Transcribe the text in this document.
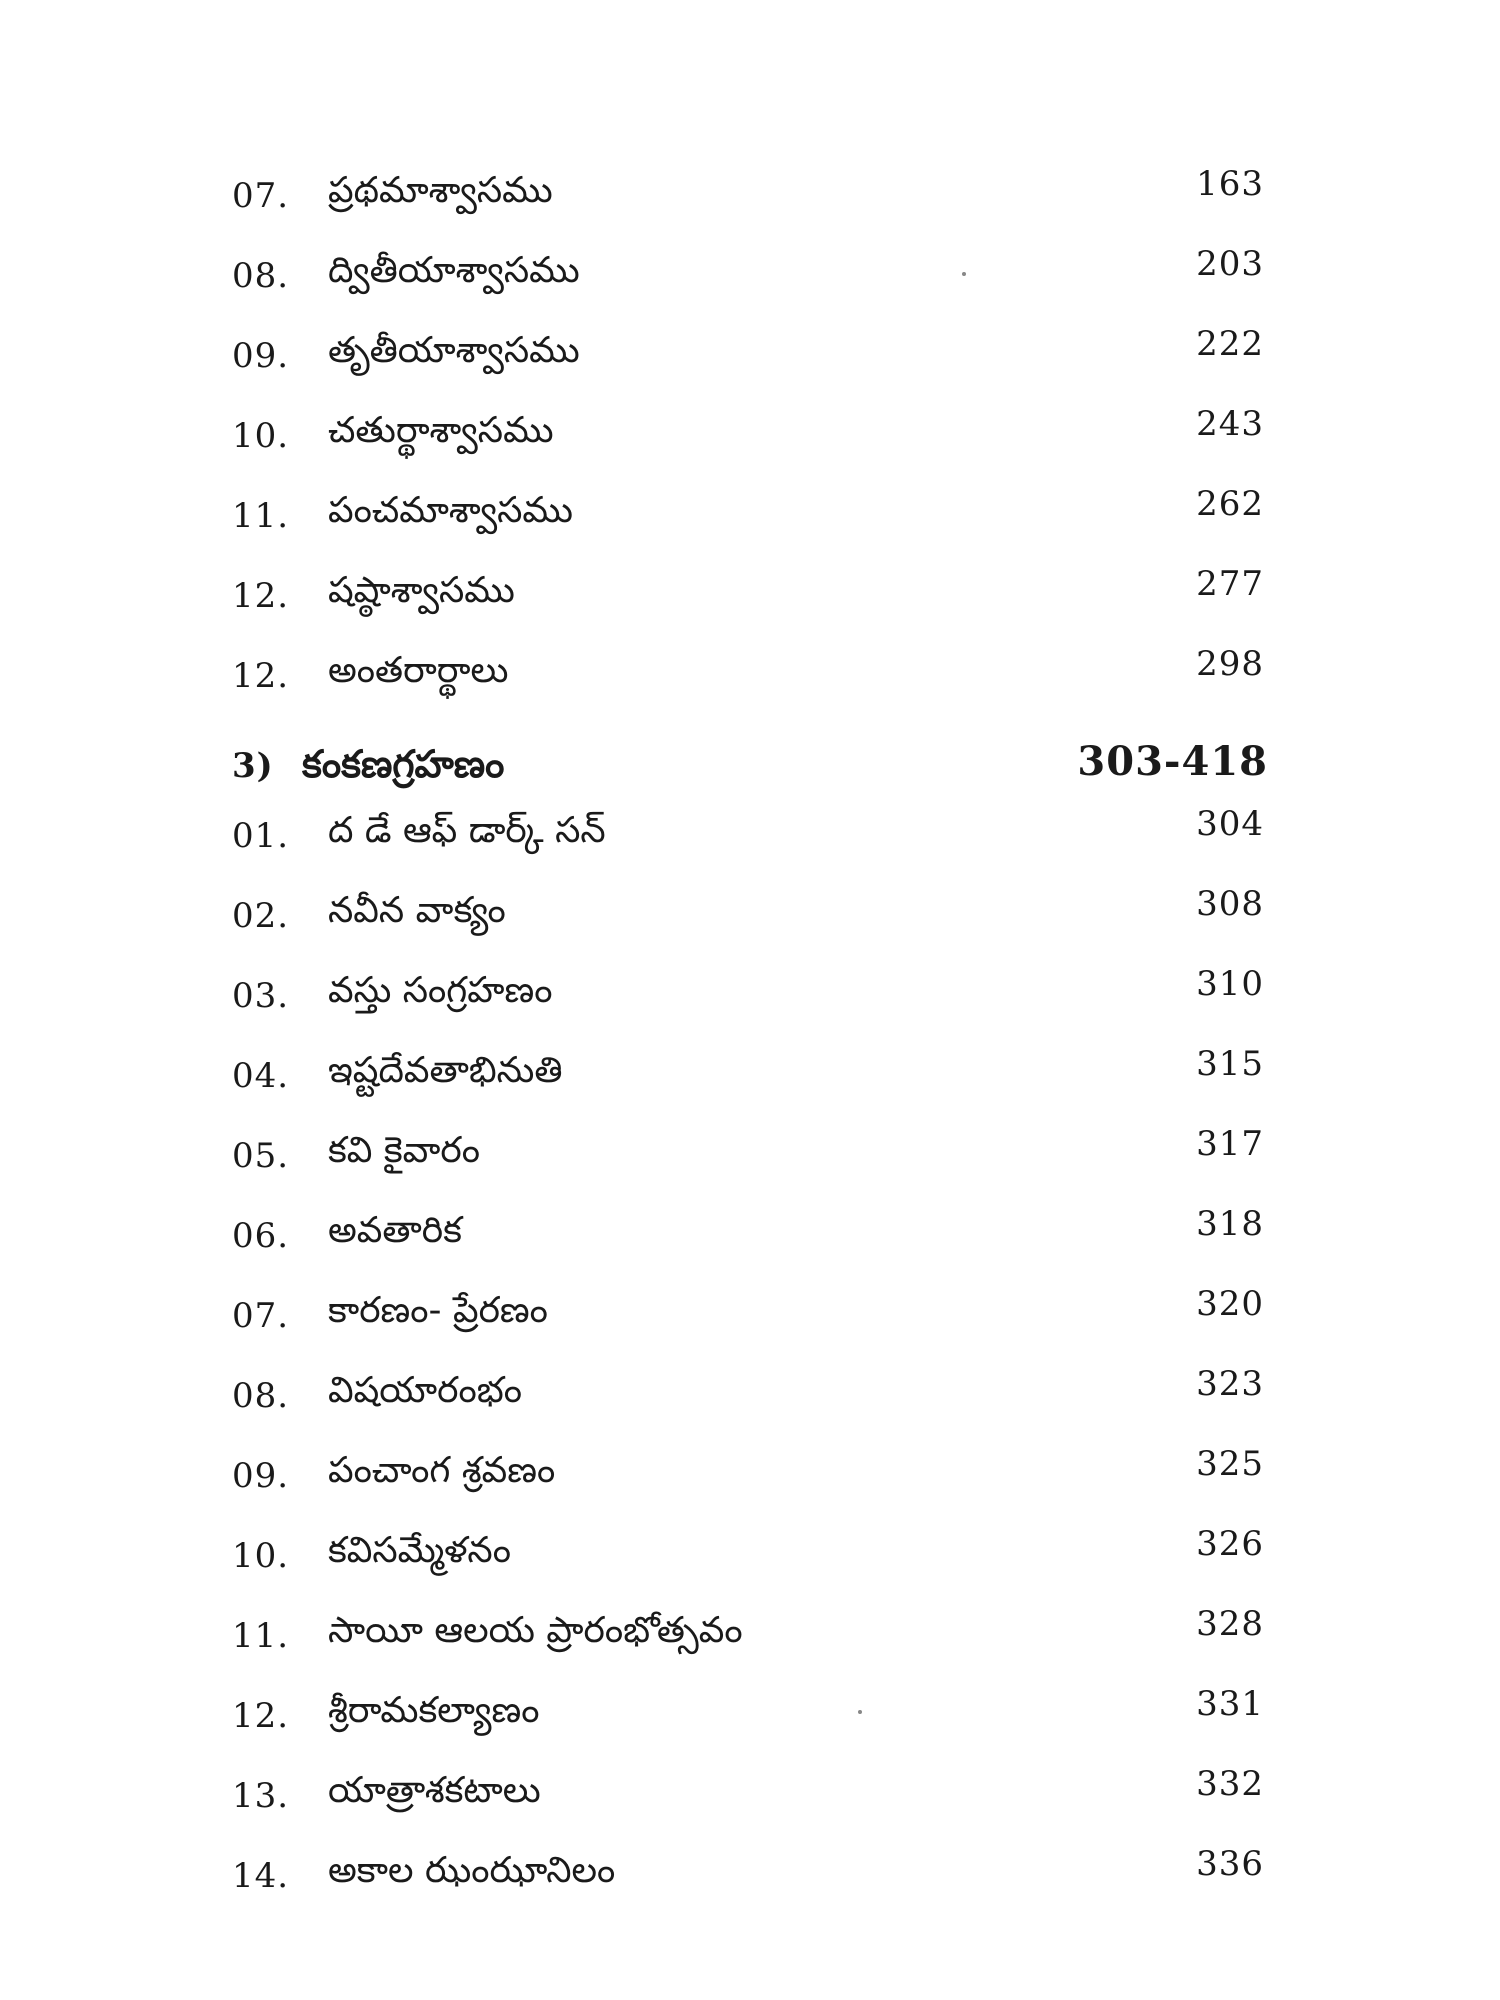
07. ప్రథమాశ్వాసము	163
08. ద్వితీయాశ్వాసము	203
09. తృతీయాశ్వాసము	222
10. చతుర్థాశ్వాసము	243
11. పంచమాశ్వాసము	262
12. షష్ఠాశ్వాసము	277
12. అంతరార్థాలు	298
3) కంకణగ్రహణం	303-418
01. ద డే ఆఫ్ డార్క్ సన్	304
02. నవీన వాక్యం	308
03. వస్తు సంగ్రహణం	310
04. ఇష్టదేవతాభినుతి	315
05. కవి కైవారం	317
06. అవతారిక	318
07. కారణం- ప్రేరణం	320
08. విషయారంభం	323
09. పంచాంగ శ్రవణం	325
10. కవిసమ్మేళనం	326
11. సాయీ ఆలయ ప్రారంభోత్సవం	328
12. శ్రీరామకల్యాణం	331
13. యాత్రాశకటాలు	332
14. అకాల ఝంఝానిలం	336
